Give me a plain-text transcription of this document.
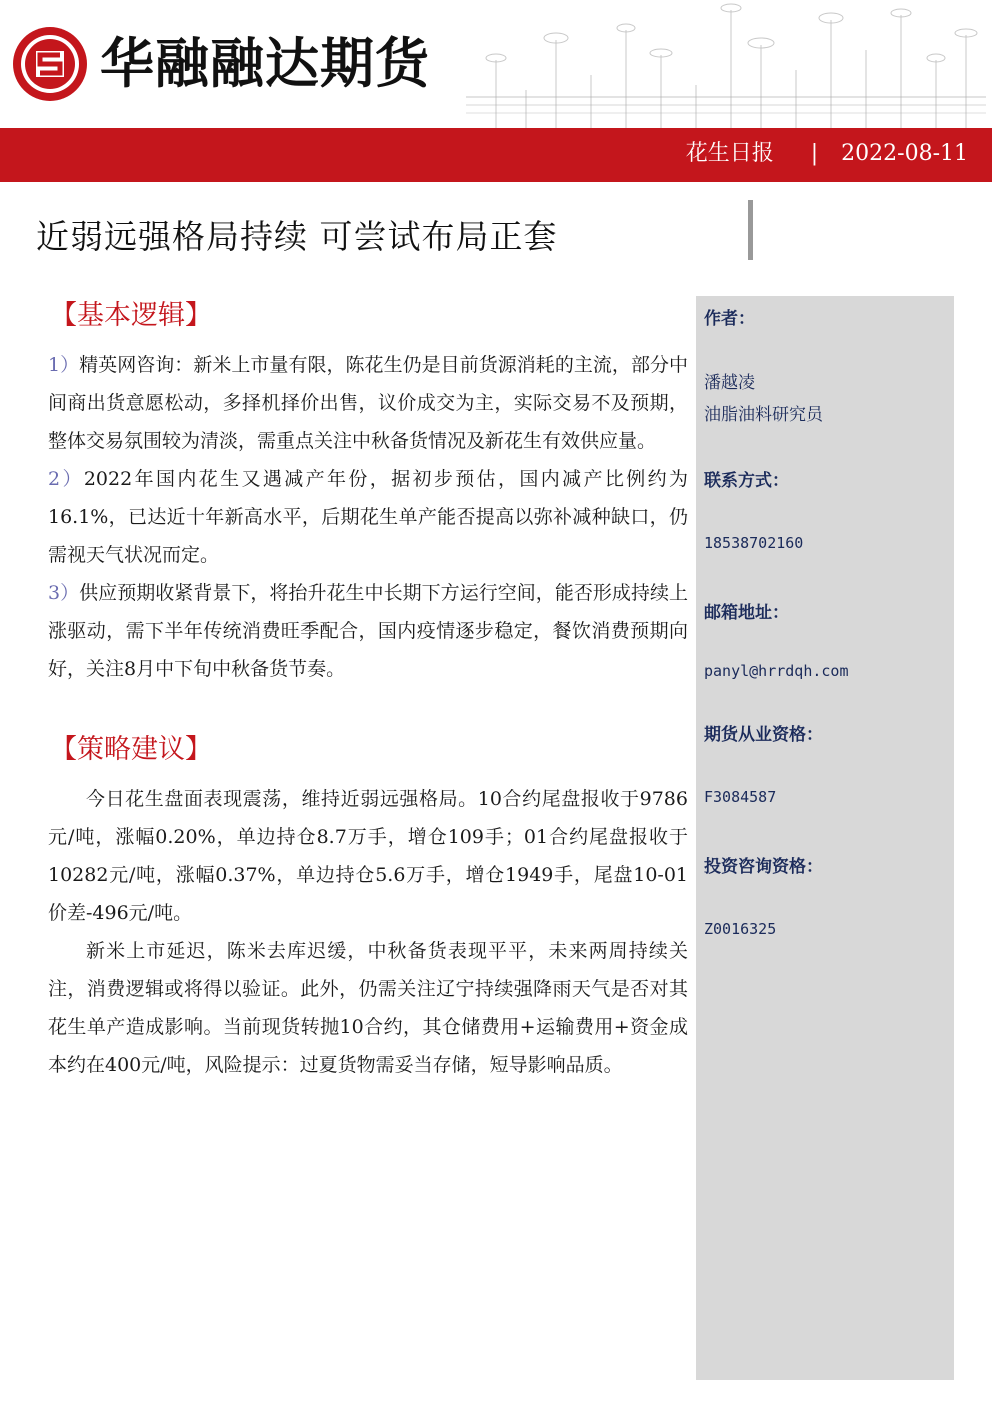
华融融达期货
花生日报 | 2022-08-11
近弱远强格局持续 可尝试布局正套
【基本逻辑】

1）精英网咨询：新米上市量有限，陈花生仍是目前货源消耗的主流，部分中间商出货意愿松动，多择机择价出售，议价成交为主，实际交易不及预期，整体交易氛围较为清淡，需重点关注中秋备货情况及新花生有效供应量。

2）2022年国内花生又遇减产年份，据初步预估，国内减产比例约为16.1%，已达近十年新高水平，后期花生单产能否提高以弥补减种缺口，仍需视天气状况而定。

3）供应预期收紧背景下，将抬升花生中长期下方运行空间，能否形成持续上涨驱动，需下半年传统消费旺季配合，国内疫情逐步稳定，餐饮消费预期向好，关注8月中下旬中秋备货节奏。

【策略建议】

今日花生盘面表现震荡，维持近弱远强格局。10合约尾盘报收于9786元/吨，涨幅0.20%，单边持仓8.7万手，增仓109手；01合约尾盘报收于10282元/吨，涨幅0.37%，单边持仓5.6万手，增仓1949手，尾盘10-01价差-496元/吨。

新米上市延迟，陈米去库迟缓，中秋备货表现平平，未来两周持续关注，消费逻辑或将得以验证。此外，仍需关注辽宁持续强降雨天气是否对其花生单产造成影响。当前现货转抛10合约，其仓储费用+运输费用+资金成本约在400元/吨，风险提示：过夏货物需妥当存储，短导影响品质。

作者：
潘越凌
油脂油料研究员
联系方式：
18538702160
邮箱地址：
panyl@hrrdqh.com
期货从业资格：
F3084587
投资咨询资格：
Z0016325
